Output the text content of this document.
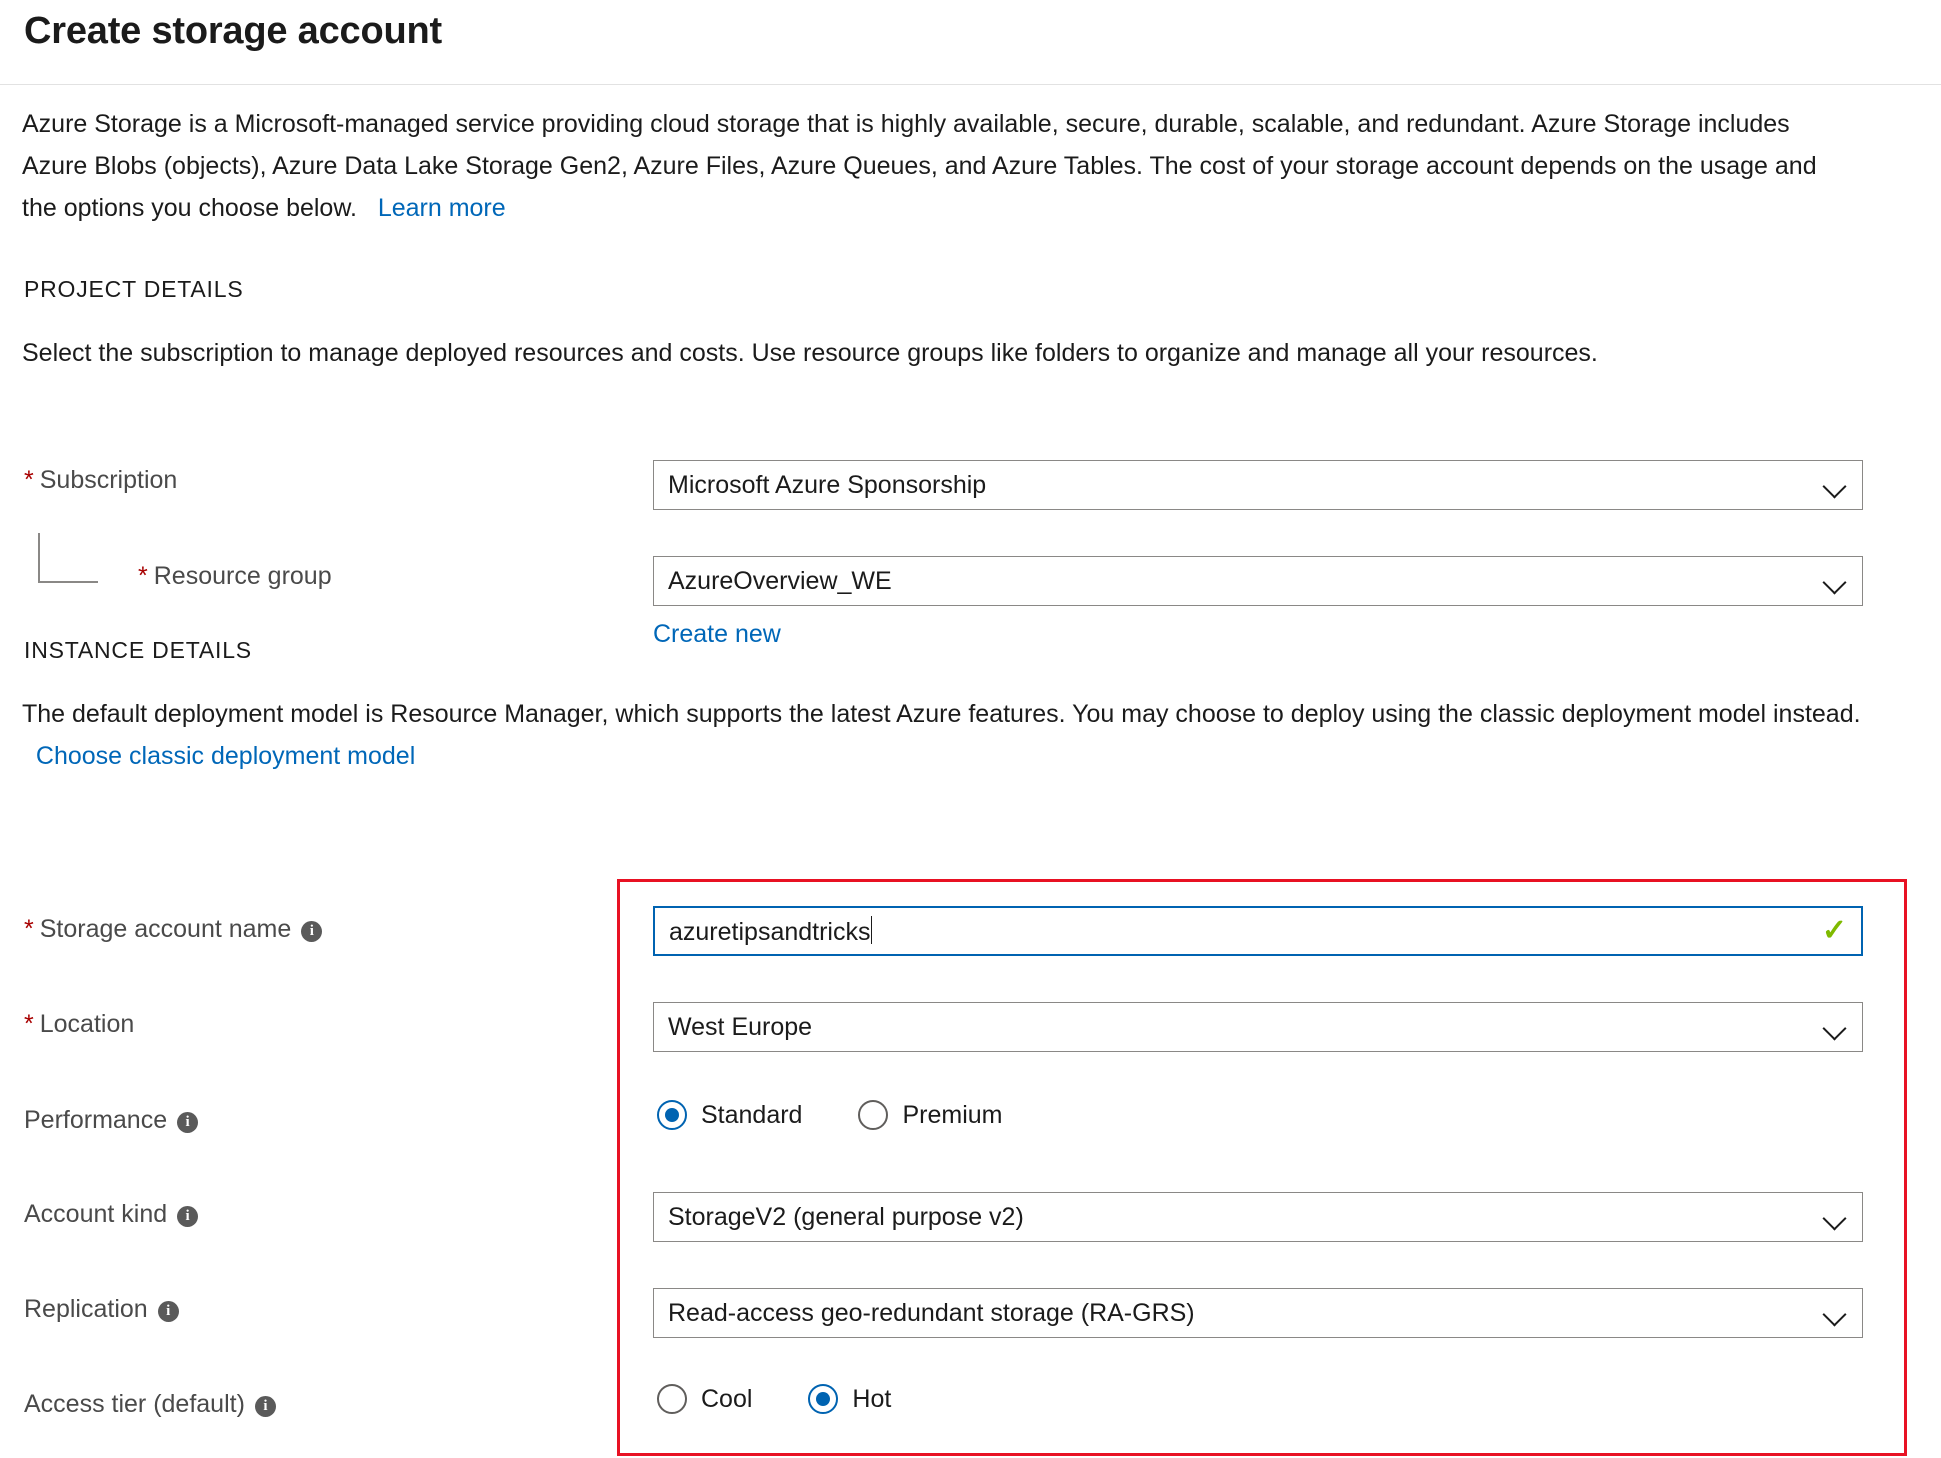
Create storage account
Azure Storage is a Microsoft-managed service providing cloud storage that is highly available, secure, durable, scalable, and redundant. Azure Storage includes Azure Blobs (objects), Azure Data Lake Storage Gen2, Azure Files, Azure Queues, and Azure Tables. The cost of your storage account depends on the usage and the options you choose below. Learn more
PROJECT DETAILS
Select the subscription to manage deployed resources and costs. Use resource groups like folders to organize and manage all your resources.
* Subscription	Microsoft Azure Sponsorship
* Resource group	AzureOverview_WE
Create new
INSTANCE DETAILS
The default deployment model is Resource Manager, which supports the latest Azure features. You may choose to deploy using the classic deployment model instead.   Choose classic deployment model
* Storage account name i	azuretipsandtricks	✓
* Location	West Europe
Performance i	Standard	Premium
Account kind i	StorageV2 (general purpose v2)
Replication i	Read-access geo-redundant storage (RA-GRS)
Access tier (default) i	Cool	Hot
